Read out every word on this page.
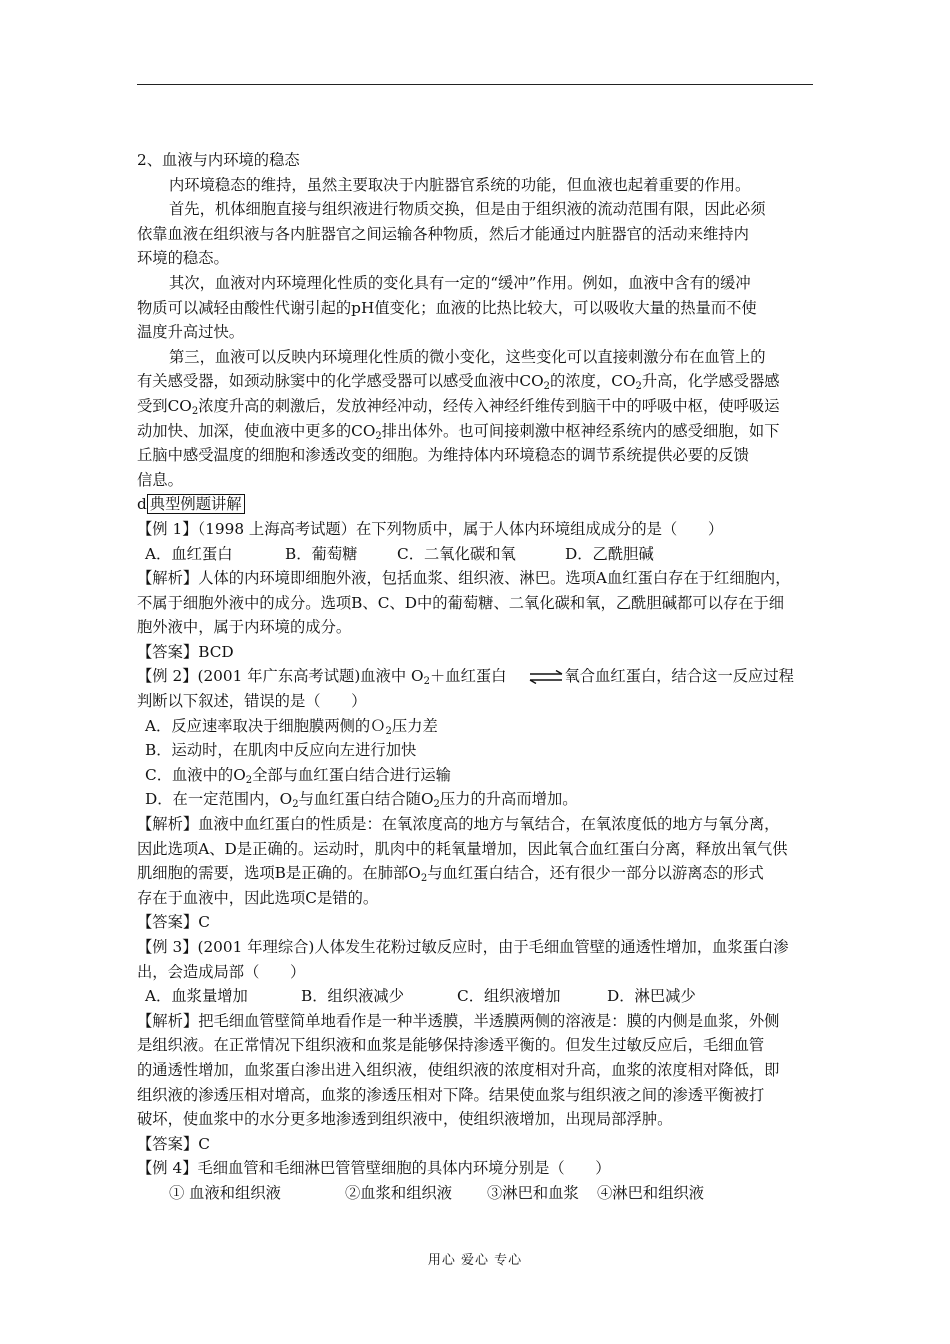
2、血液与内环境的稳态
内环境稳态的维持，虽然主要取决于内脏器官系统的功能，但血液也起着重要的作用。
首先，机体细胞直接与组织液进行物质交换，但是由于组织液的流动范围有限，因此必须
依靠血液在组织液与各内脏器官之间运输各种物质，然后才能通过内脏器官的活动来维持内
环境的稳态。
其次，血液对内环境理化性质的变化具有一定的“缓冲”作用。例如，血液中含有的缓冲
物质可以减轻由酸性代谢引起的pH值变化；血液的比热比较大，可以吸收大量的热量而不使
温度升高过快。
第三，血液可以反映内环境理化性质的微小变化，这些变化可以直接刺激分布在血管上的
有关感受器，如颈动脉窦中的化学感受器可以感受血液中$CO_2$的浓度，$CO_2$升高，化学感受器感
受到$CO_2$浓度升高的刺激后，发放神经冲动，经传入神经纤维传到脑干中的呼吸中枢，使呼吸运
动加快、加深，使血液中更多的$CO_2$排出体外。也可间接刺激中枢神经系统内的感受细胞，如下
丘脑中感受温度的细胞和渗透改变的细胞。为维持体内环境稳态的调节系统提供必要的反馈
信息。
d 典型例题讲解
【例 1】（1998 上海高考试题）在下列物质中，属于人体内环境组成成分的是（　　）
A．血红蛋白	B．葡萄糖	C．二氧化碳和氧	D．乙酰胆碱
【解析】人体的内环境即细胞外液，包括血浆、组织液、淋巴。选项A血红蛋白存在于红细胞内，
不属于细胞外液中的成分。选项B、C、D中的葡萄糖、二氧化碳和氧，乙酰胆碱都可以存在于细
胞外液中，属于内环境的成分。
【答案】BCD
【例 2】(2001 年广东高考试题)血液中 $O_2+$血红蛋白 ⇌氧合血红蛋白，结合这一反应过程
判断以下叙述，错误的是（　　）
A．反应速率取决于细胞膜两侧的Ｏ$_2$压力差
B．运动时，在肌肉中反应向左进行加快
C．血液中的$O_2$全部与血红蛋白结合进行运输
D．在一定范围内，$O_2$与血红蛋白结合随$O_2$压力的升高而增加。
【解析】血液中血红蛋白的性质是：在氧浓度高的地方与氧结合，在氧浓度低的地方与氧分离，
因此选项A、D是正确的。运动时，肌肉中的耗氧量增加，因此氧合血红蛋白分离，释放出氧气供
肌细胞的需要，选项B是正确的。在肺部$O_2$与血红蛋白结合，还有很少一部分以游离态的形式
存在于血液中，因此选项C是错的。
【答案】C
【例 3】(2001 年理综合)人体发生花粉过敏反应时，由于毛细血管壁的通透性增加，血浆蛋白渗
出，会造成局部（　　）
A．血浆量增加	B．组织液减少	C．组织液增加	D．淋巴减少
【解析】把毛细血管壁简单地看作是一种半透膜，半透膜两侧的溶液是：膜的内侧是血浆，外侧
是组织液。在正常情况下组织液和血浆是能够保持渗透平衡的。但发生过敏反应后，毛细血管
的通透性增加，血浆蛋白渗出进入组织液，使组织液的浓度相对升高，血浆的浓度相对降低，即
组织液的渗透压相对增高，血浆的渗透压相对下降。结果使血浆与组织液之间的渗透平衡被打
破坏，使血浆中的水分更多地渗透到组织液中，使组织液增加，出现局部浮肿。
【答案】C
【例 4】毛细血管和毛细淋巴管管壁细胞的具体内环境分别是（　　）
① 血液和组织液	②血浆和组织液 ③淋巴和血浆 ④淋巴和组织液
用心 爱心 专心
